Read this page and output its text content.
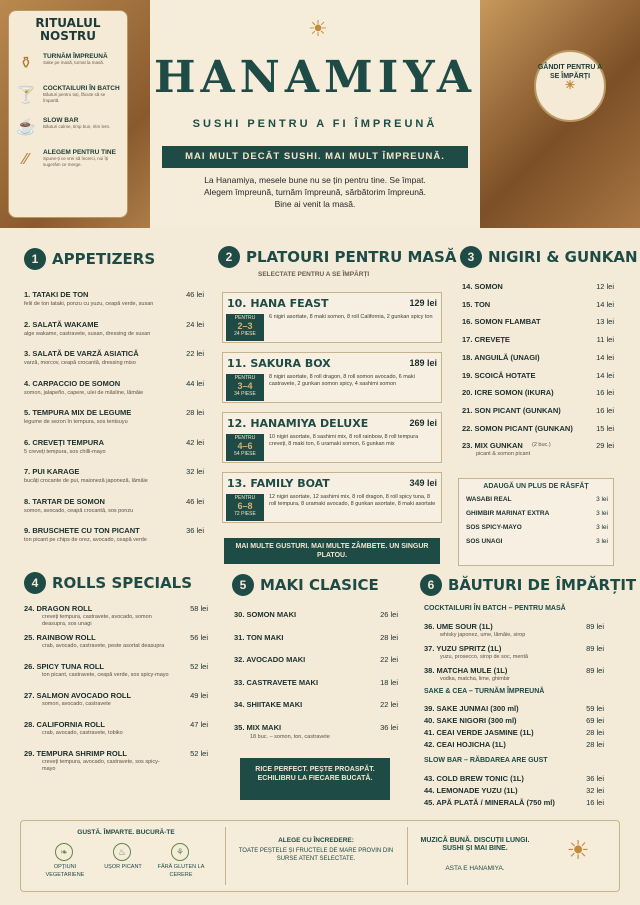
RITUALUL NOSTRU
⚱	TURNĂM ÎMPREUNĂ
Sake pe masă, turnat la masă.
🍸 COCKTAILURI ÎN BATCH
Băuturi pentru toți, făcute să se împartă.
☕ SLOW BAR
Băuturi calme, timp bun, ritm lent.
∕∕	ALEGEM PENTRU TINE
Spune-ți ce vrei să încerci, noi îți sugerăm ce merge.
☀
HANAMIYA
SUSHI PENTRU A FI ÎMPREUNĂ
MAI MULT DECÂT SUSHI. MAI MULT ÎMPREUNĂ.
La Hanamiya, mesele bune nu se țin pentru tine. Se împat.
Alegem împreună, turnăm împreună, sărbătorim împreună.
Bine ai venit la masă.
GÂNDIT PENTRU A SE ÎMPĂRȚI
☀
1 APPETIZERS	2 PLATOURI PENTRU MASĂ
SELECTATE PENTRU A SE ÎMPĂRȚI
MAI MULTE GUSTURI. MAI MULTE ZÂMBETE. UN SINGUR PLATOU.
3 NIGIRI & GUNKAN
ADAUGĂ UN PLUS DE RĂSFĂȚ
4 ROLLS SPECIALS	5 MAKI CLASICE
RICE PERFECT. PEȘTE PROASPĂT. ECHILIBRU LA FIECARE BUCATĂ.
6 BĂUTURI DE ÎMPĂRȚIT
GUSTĂ. ÎMPARTE. BUCURĂ-TE
❧	♨	⚘
OPȚIUNI VEGETARIENE
UȘOR PICANT	FĂRĂ GLUTEN LA CERERE
ALEGE CU ÎNCREDERE:
TOATE PEȘTELE ȘI FRUCTELE DE MARE PROVIN DIN SURSE ATENT SELECTATE.
MUZICĂ BUNĂ. DISCUȚII LUNGI. SUSHI ȘI MAI BINE.
ASTA E HANAMIYA.
☀
1. TATAKI DE TON	46 lei
felii de ton tataki, ponzu cu yuzu, ceapă verde, susan
2. SALATĂ WAKAME	24 lei
alge wakame, castravete, susan, dressing de susan
3. SALATĂ DE VARZĂ ASIATICĂ	22 lei
varză, morcov, ceapă crocantă, dressing miso
4. CARPACCIO DE SOMON	44 lei
somon, jalapeño, capere, ulei de măsline, lămâie
5. TEMPURA MIX DE LEGUME	28 lei
legume de sezon în tempura, sos tentsuyu
6. CREVEȚI TEMPURA	42 lei
5 creveți tempura, sos chilli-mayo
7. PUI KARAGE	32 lei
bucăți crocante de pui, maioneză japoneză, lămâie
8. TARTAR DE SOMON	46 lei
somon, avocado, ceapă crocantă, sos ponzu
9. BRUSCHETE CU TON PICANT	36 lei
ton picant pe chips de orez, avocado, ceapă verde
10. HANA FEAST	129 lei
PENTRU
2–3
24 PIESE
6 nigiri asortate, 8 maki somon, 8 roll California, 2 gunkan spicy ton
11. SAKURA BOX	189 lei
PENTRU
3–4
34 PIESE
8 nigiri asortate, 8 roll dragon, 8 roll somon avocado, 6 maki castravete, 2 gunkan somon spicy, 4 sashimi somon
12. HANAMIYA DELUXE	269 lei
PENTRU
4–6
54 PIESE
10 nigiri asortate, 8 sashimi mix, 8 roll rainbow, 8 roll tempura creveți, 8 maki ton, 6 uramaki somon, 6 gunkan mix
13. FAMILY BOAT	349 lei
PENTRU
6–8
72 PIESE
12 nigiri asortate, 12 sashimi mix, 8 roll dragon, 8 roll spicy tuna, 8 roll tempura, 8 uramaki avocado, 8 gunkan asortate, 8 maki asortate
14. SOMON	12 lei
15. TON	14 lei
16. SOMON FLAMBAT	13 lei
17. CREVEȚE	11 lei
18. ANGUILĂ (UNAGI)	14 lei
19. SCOICĂ HOTATE	14 lei
20. ICRE SOMON (IKURA)	16 lei
21. SON PICANT (GUNKAN)	16 lei
22. SOMON PICANT (GUNKAN)	15 lei
23. MIX GUNKAN	29 lei
(2 buc.)
picant & somon picant
WASABI REAL	3 lei
GHIMBIR MARINAT EXTRA	3 lei
SOS SPICY-MAYO	3 lei
SOS UNAGI	3 lei
24. DRAGON ROLL	58 lei
creveți tempura, castravete, avocado, somon deasupra, sos unagi
25. RAINBOW ROLL	56 lei
crab, avocado, castravete, peste asortat deasupra
26. SPICY TUNA ROLL	52 lei
ton picant, castravete, ceapă verde, sos spicy-mayo
27. SALMON AVOCADO ROLL	49 lei
somon, avocado, castravete
28. CALIFORNIA ROLL	47 lei
crab, avocado, castravete, tobiko
29. TEMPURA SHRIMP ROLL	52 lei
creveți tempura, avocado, castravete, sos spicy-mayo
30. SOMON MAKI	26 lei
31. TON MAKI	28 lei
32. AVOCADO MAKI	22 lei
33. CASTRAVETE MAKI	18 lei
34. SHIITAKE MAKI	22 lei
35. MIX MAKI	36 lei
18 buc. – somon, ton, castravete
COCKTAILURI ÎN BATCH – PENTRU MASĂ
36. UME SOUR (1L)	89 lei
whisky japonez, ume, lămâie, sirop
37. YUZU SPRITZ (1L)	89 lei
yuzu, prosecco, sirop de soc, mentă
38. MATCHA MULE (1L)	89 lei
vodka, matcha, lime, ghimbir
SAKE & CEA – TURNĂM ÎMPREUNĂ
39. SAKE JUNMAI (300 ml)	59 lei
40. SAKE NIGORI (300 ml)	69 lei
41. CEAI VERDE JASMINE (1L)	28 lei
42. CEAI HOJICHA (1L)	28 lei
SLOW BAR – RĂBDAREA ARE GUST
43. COLD BREW TONIC (1L)	36 lei
44. LEMONADE YUZU (1L)	32 lei
45. APĂ PLATĂ / MINERALĂ (750 ml)	16 lei
